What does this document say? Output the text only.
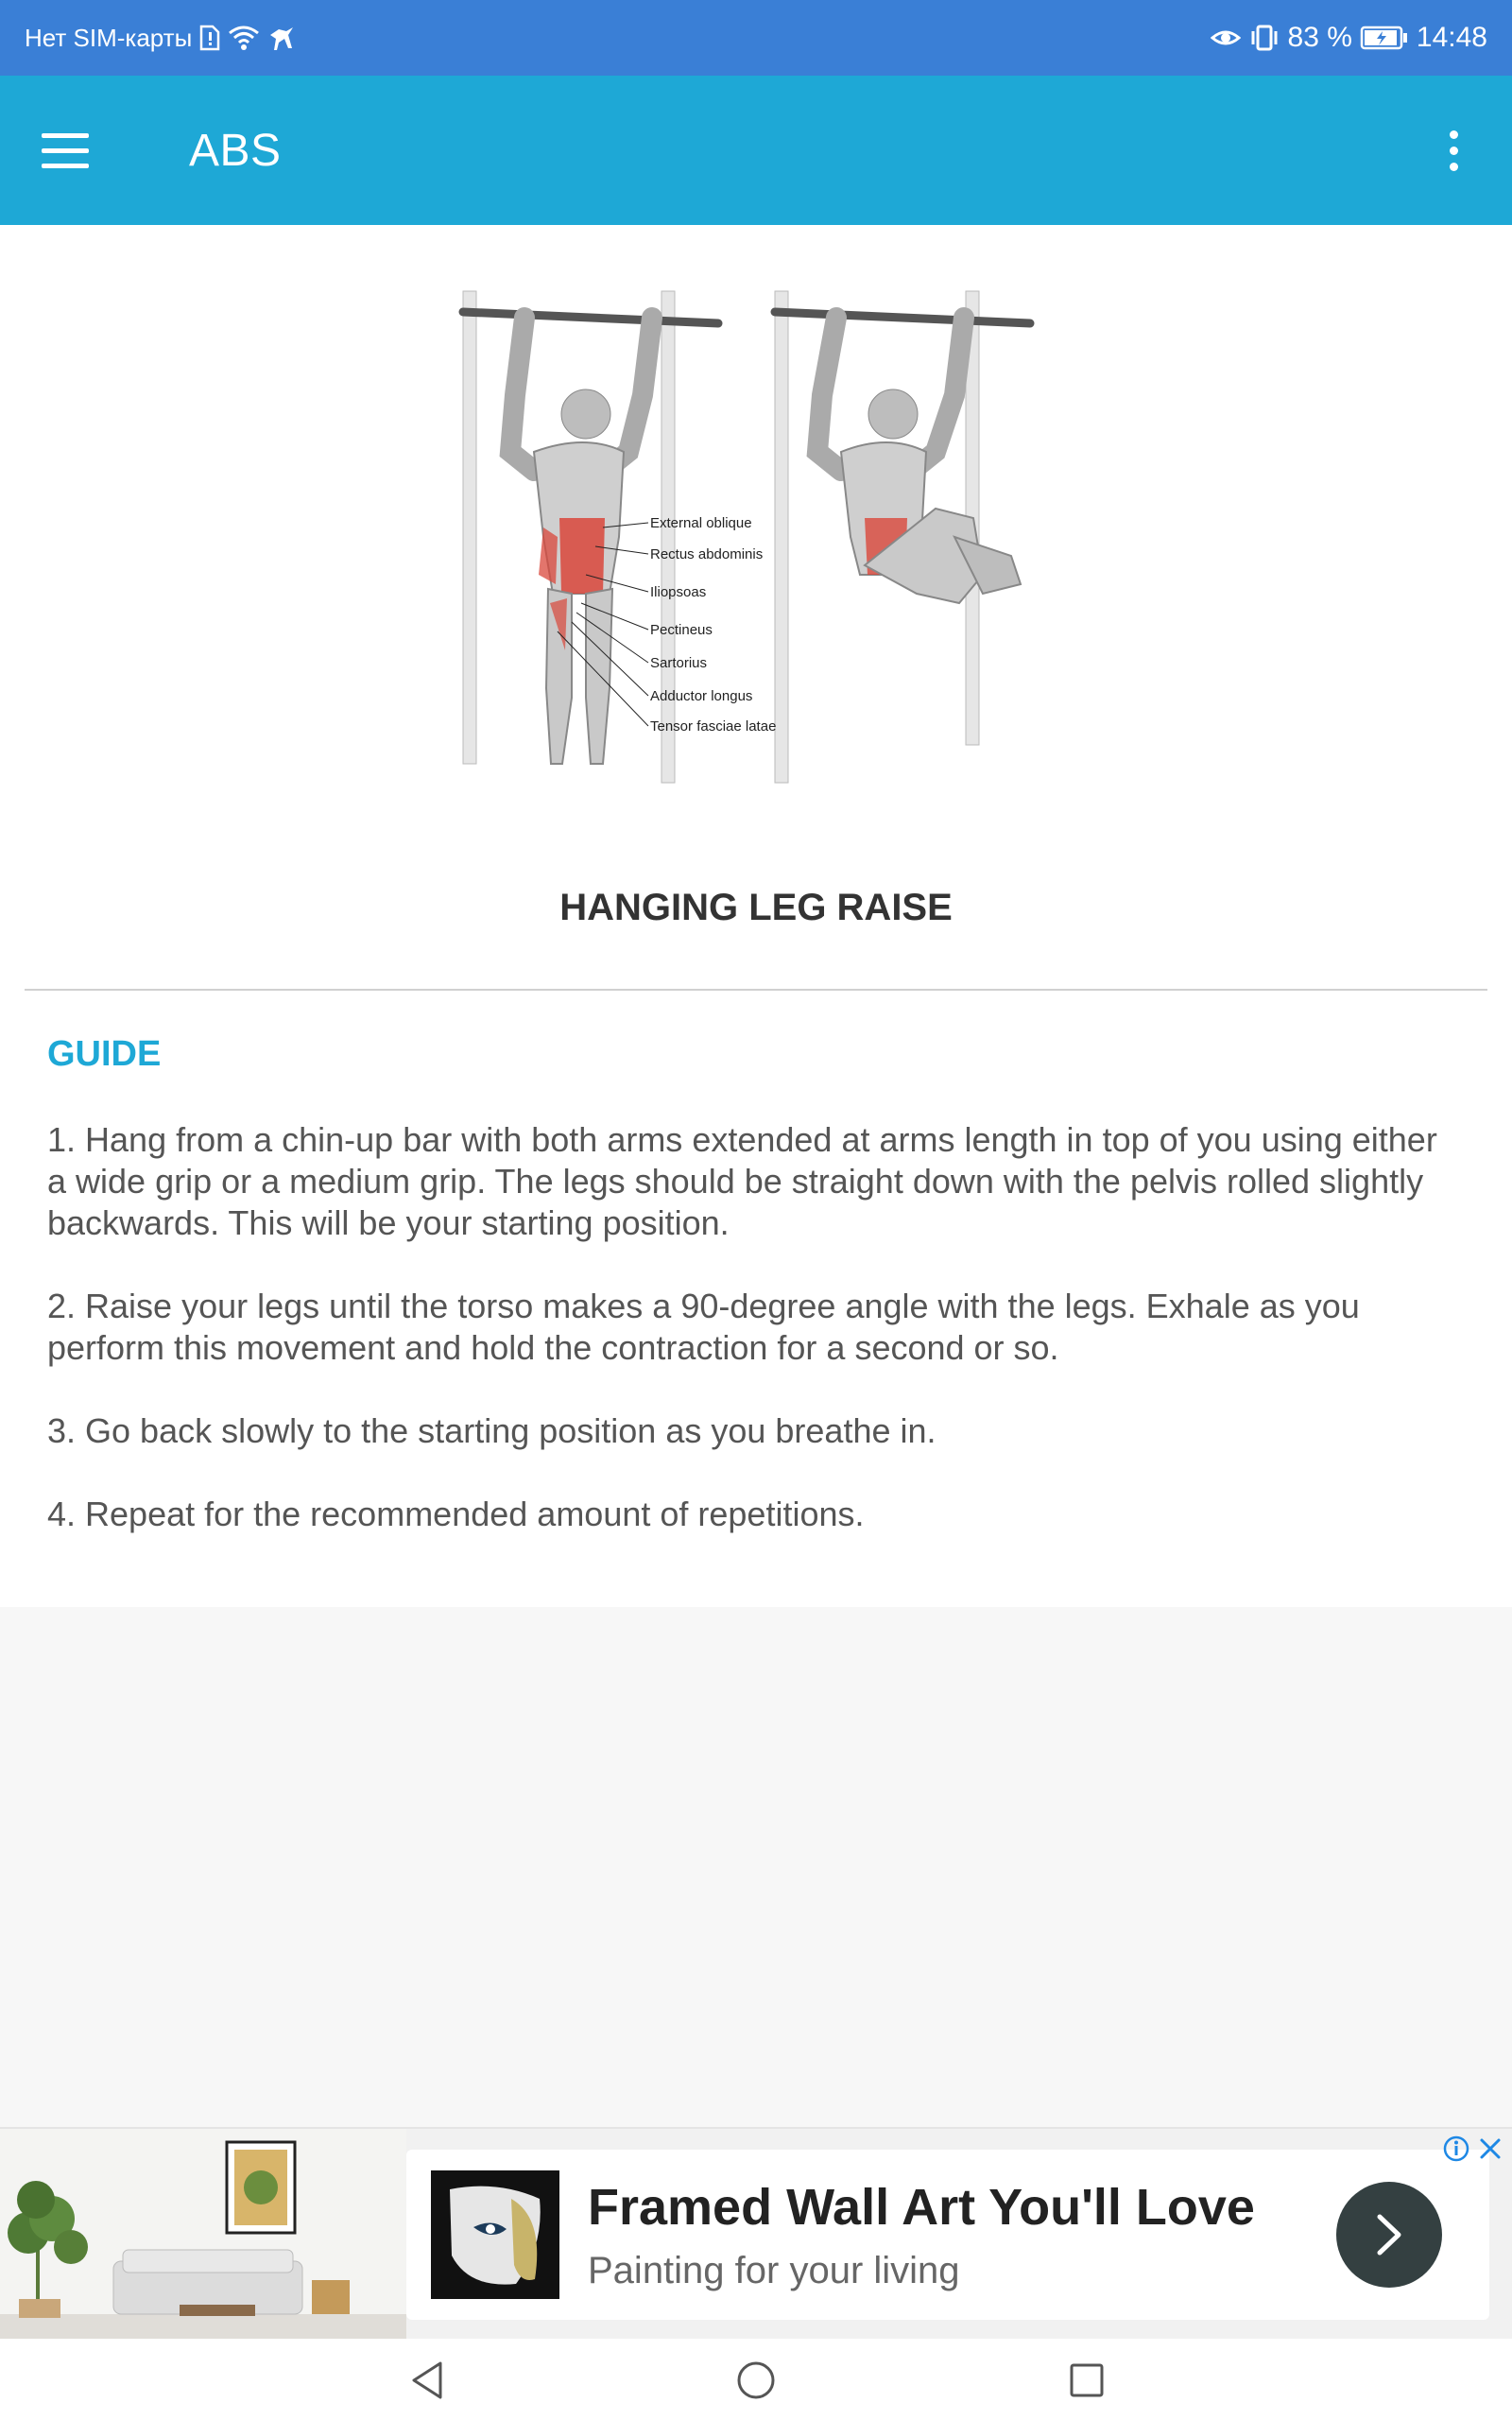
Нет SIM-карты	83 % 14:48
ABS
External oblique
Rectus abdominis
Iliopsoas
Pectineus
Sartorius
Adductor longus
Tensor fasciae latae
HANGING LEG RAISE
GUIDE

1. Hang from a chin-up bar with both arms extended at arms length in top of you using either a wide grip or a medium grip. The legs should be straight down with the pelvis rolled slightly backwards. This will be your starting position.

2. Raise your legs until the torso makes a 90-degree angle with the legs. Exhale as you perform this movement and hold the contraction for a second or so.

3. Go back slowly to the starting position as you breathe in.

4. Repeat for the recommended amount of repetitions.

Framed Wall Art You'll Love
Painting for your living
